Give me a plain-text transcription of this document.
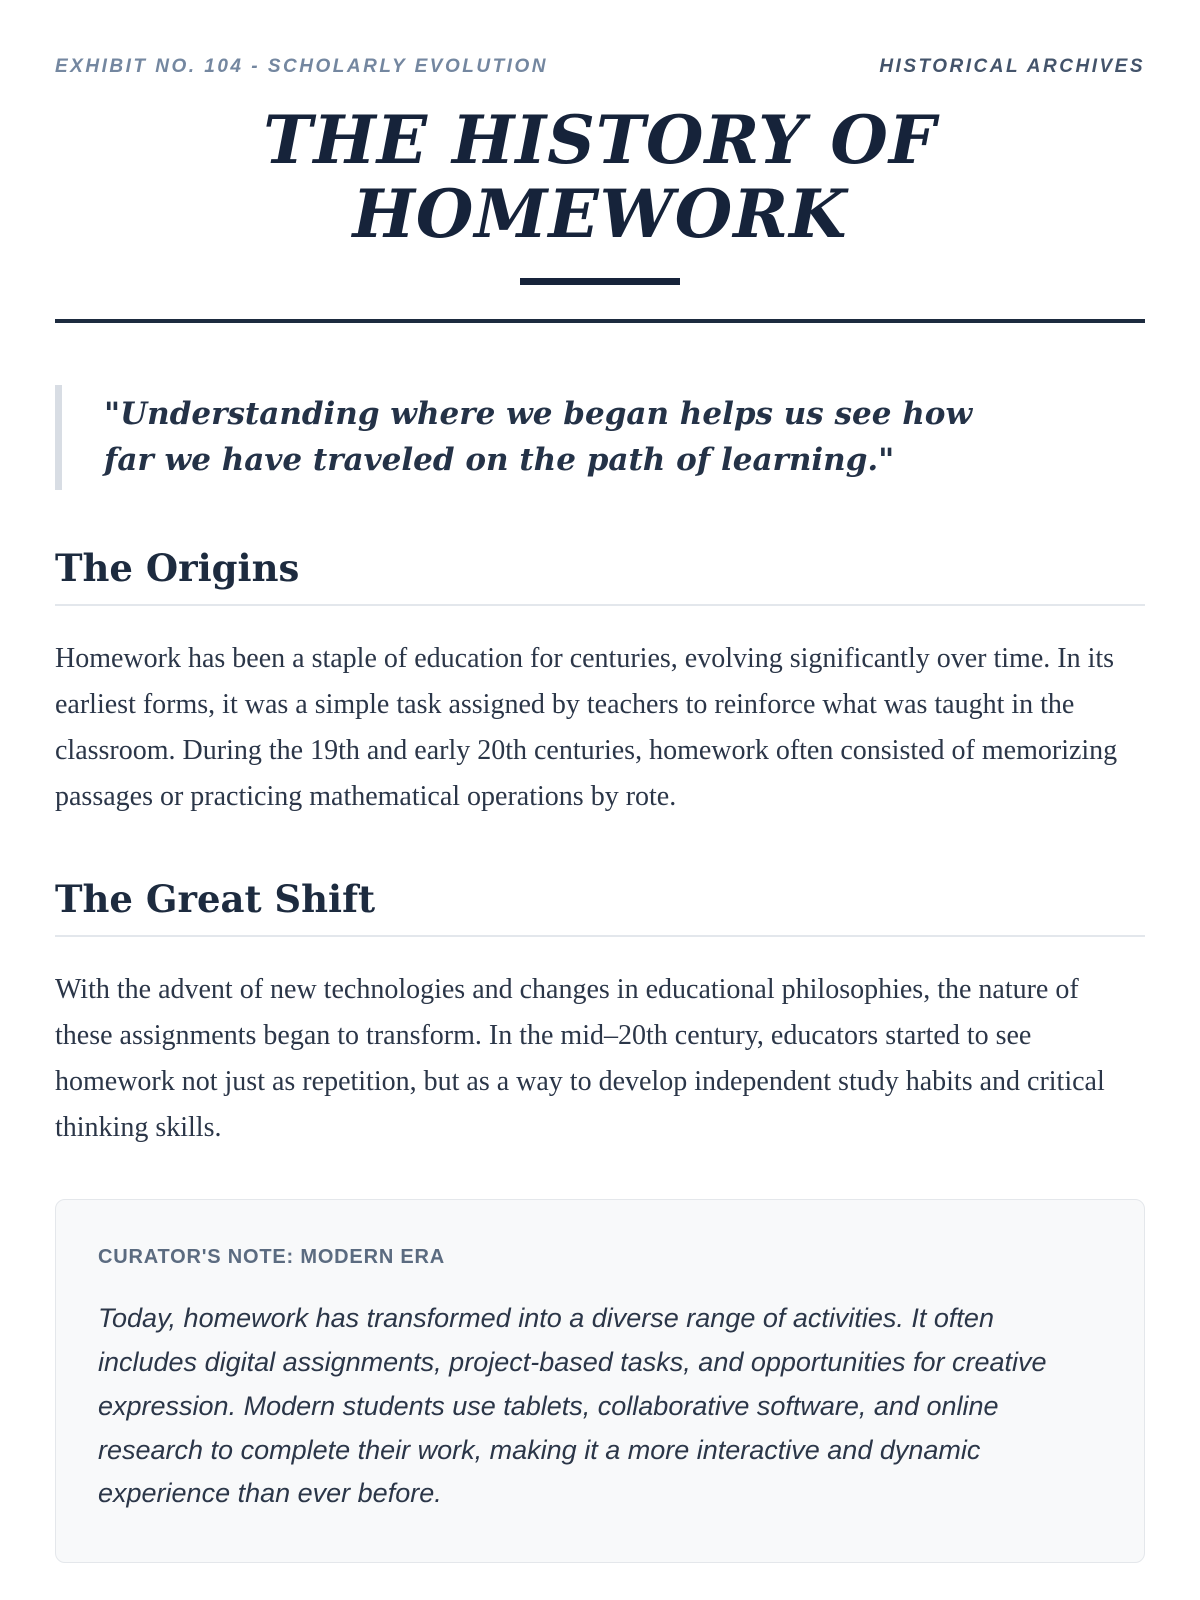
EXHIBIT NO. 104 - SCHOLARLY EVOLUTION	HISTORICAL ARCHIVES
THE HISTORY OF HOMEWORK
"Understanding where we began helps us see how far we have traveled on the path of learning."
The Origins

Homework has been a staple of education for centuries, evolving significantly over time. In its earliest forms, it was a simple task assigned by teachers to reinforce what was taught in the classroom. During the 19th and early 20th centuries, homework often consisted of memorizing passages or practicing mathematical operations by rote.

The Great Shift

With the advent of new technologies and changes in educational philosophies, the nature of these assignments began to transform. In the mid–20th century, educators started to see homework not just as repetition, but as a way to develop independent study habits and critical thinking skills.

CURATOR'S NOTE: MODERN ERA

Today, homework has transformed into a diverse range of activities. It often includes digital assignments, project-based tasks, and opportunities for creative expression. Modern students use tablets, collaborative software, and online research to complete their work, making it a more interactive and dynamic experience than ever before.
